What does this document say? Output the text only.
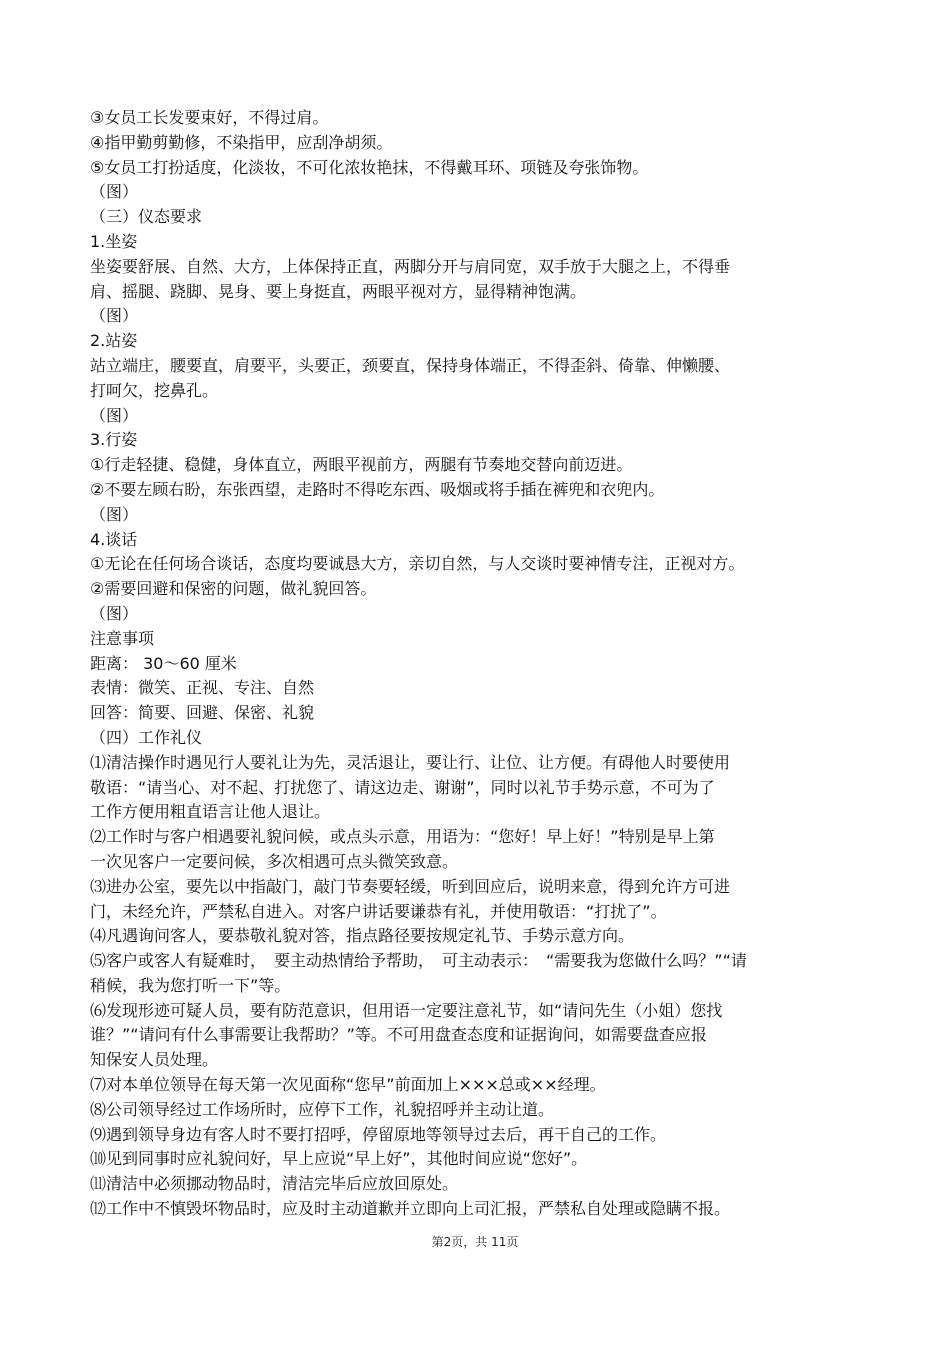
③女员工长发要束好，不得过肩。
④指甲勤剪勤修，不染指甲，应刮净胡须。
⑤女员工打扮适度，化淡妆，不可化浓妆艳抹，不得戴耳环、项链及夸张饰物。
（图）
（三）仪态要求
1.坐姿
坐姿要舒展、自然、大方，上体保持正直，两脚分开与肩同宽，双手放于大腿之上，不得垂
肩、摇腿、跷脚、晃身、要上身挺直，两眼平视对方，显得精神饱满。
（图）
2.站姿
站立端庄，腰要直，肩要平，头要正，颈要直，保持身体端正，不得歪斜、倚靠、伸懒腰、
打呵欠，挖鼻孔。
（图）
3.行姿
①行走轻捷、稳健，身体直立，两眼平视前方，两腿有节奏地交替向前迈进。
②不要左顾右盼，东张西望，走路时不得吃东西、吸烟或将手插在裤兜和衣兜内。
（图）
4.谈话
①无论在任何场合谈话，态度均要诚恳大方，亲切自然，与人交谈时要神情专注，正视对方。
②需要回避和保密的问题，做礼貌回答。
（图）
注意事项
距离： 30～60 厘米
表情：微笑、正视、专注、自然
回答：简要、回避、保密、礼貌
（四）工作礼仪
⑴清洁操作时遇见行人要礼让为先，灵活退让，要让行、让位、让方便。有碍他人时要使用
敬语：“请当心、对不起、打扰您了、请这边走、谢谢”，同时以礼节手势示意，不可为了
工作方便用粗直语言让他人退让。
⑵工作时与客户相遇要礼貌问候，或点头示意，用语为：“您好！早上好！”特别是早上第
一次见客户一定要问候，多次相遇可点头微笑致意。
⑶进办公室，要先以中指敲门，敲门节奏要轻缓，听到回应后，说明来意，得到允许方可进
门，未经允许，严禁私自进入。对客户讲话要谦恭有礼，并使用敬语：“打扰了”。
⑷凡遇询问客人，要恭敬礼貌对答，指点路径要按规定礼节、手势示意方向。
⑸客户或客人有疑难时，　要主动热情给予帮助，　可主动表示：　“需要我为您做什么吗？”“请
稍候，我为您打听一下”等。
⑹发现形迹可疑人员，要有防范意识，但用语一定要注意礼节，如“请问先生（小姐）您找
谁？”“请问有什么事需要让我帮助？”等。不可用盘查态度和证据询问，如需要盘查应报
知保安人员处理。
⑺对本单位领导在每天第一次见面称“您早”前面加上×××总或××经理。
⑻公司领导经过工作场所时，应停下工作，礼貌招呼并主动让道。
⑼遇到领导身边有客人时不要打招呼，停留原地等领导过去后，再干自己的工作。
⑽见到同事时应礼貌问好，早上应说“早上好”，其他时间应说“您好”。
⑾清洁中必须挪动物品时，清洁完毕后应放回原处。
⑿工作中不慎毁坏物品时，应及时主动道歉并立即向上司汇报，严禁私自处理或隐瞒不报。
第2页，共 11页
